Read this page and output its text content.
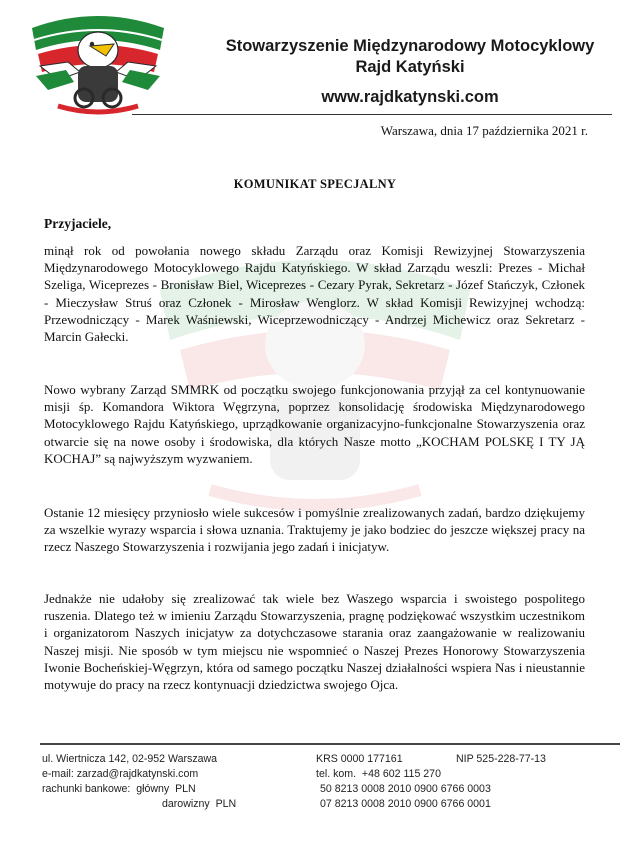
Stowarzyszenie Międzynarodowy Motocyklowy
Rajd Katyński
www.rajdkatynski.com
Warszawa, dnia 17 października 2021 r.
KOMUNIKAT SPECJALNY
Przyjaciele,
minął rok od powołania nowego składu Zarządu oraz Komisji Rewizyjnej Stowarzyszenia Międzynarodowego Motocyklowego Rajdu Katyńskiego. W skład Zarządu weszli: Prezes - Michał Szeliga, Wiceprezes - Bronisław Biel, Wiceprezes - Cezary Pyrak, Sekretarz - Józef Stańczyk, Członek - Mieczysław Struś oraz Członek - Mirosław Wenglorz. W skład Komisji Rewizyjnej wchodzą: Przewodniczący - Marek Waśniewski, Wiceprzewodniczący - Andrzej Michewicz oraz Sekretarz - Marcin Gałecki.
Nowo wybrany Zarząd SMMRK od początku swojego funkcjonowania przyjął za cel kontynuowanie misji śp. Komandora Wiktora Węgrzyna, poprzez konsolidację środowiska Międzynarodowego Motocyklowego Rajdu Katyńskiego, uprządkowanie organizacyjno-funkcjonalne Stowarzyszenia oraz otwarcie się na nowe osoby i środowiska, dla których Nasze motto „KOCHAM POLSKĘ I TY JĄ KOCHAJ” są najwyższym wyzwaniem.
Ostanie 12 miesięcy przyniosło wiele sukcesów i pomyślnie zrealizowanych zadań, bardzo dziękujemy za wszelkie wyrazy wsparcia i słowa uznania. Traktujemy je jako bodziec do jeszcze większej pracy na rzecz Naszego Stowarzyszenia i rozwijania jego zadań i inicjatyw.
Jednakże nie udałoby się zrealizować tak wiele bez Waszego wsparcia i swoistego pospolitego ruszenia. Dlatego też w imieniu Zarządu Stowarzyszenia, pragnę podziękować wszystkim uczestnikom i organizatorom Naszych inicjatyw za dotychczasowe starania oraz zaangażowanie w realizowaniu Naszej misji. Nie sposób w tym miejscu nie wspomnieć o Naszej Prezes Honorowy Stowarzyszenia Iwonie Bocheńskiej-Węgrzyn, która od samego początku Naszej działalności wspiera Nas i nieustannie motywuje do pracy na rzecz kontynuacji dziedzictwa swojego Ojca.
ul. Wiertnicza 142, 02-952 Warszawa
e-mail: zarzad@rajdkatynski.com
rachunki bankowe:  główny PLN
darowizny PLN
KRS 0000 177161	NIP 525-228-77-13
tel. kom.  +48 602 115 270
50 8213 0008 2010 0900 6766 0003
07 8213 0008 2010 0900 6766 0001
